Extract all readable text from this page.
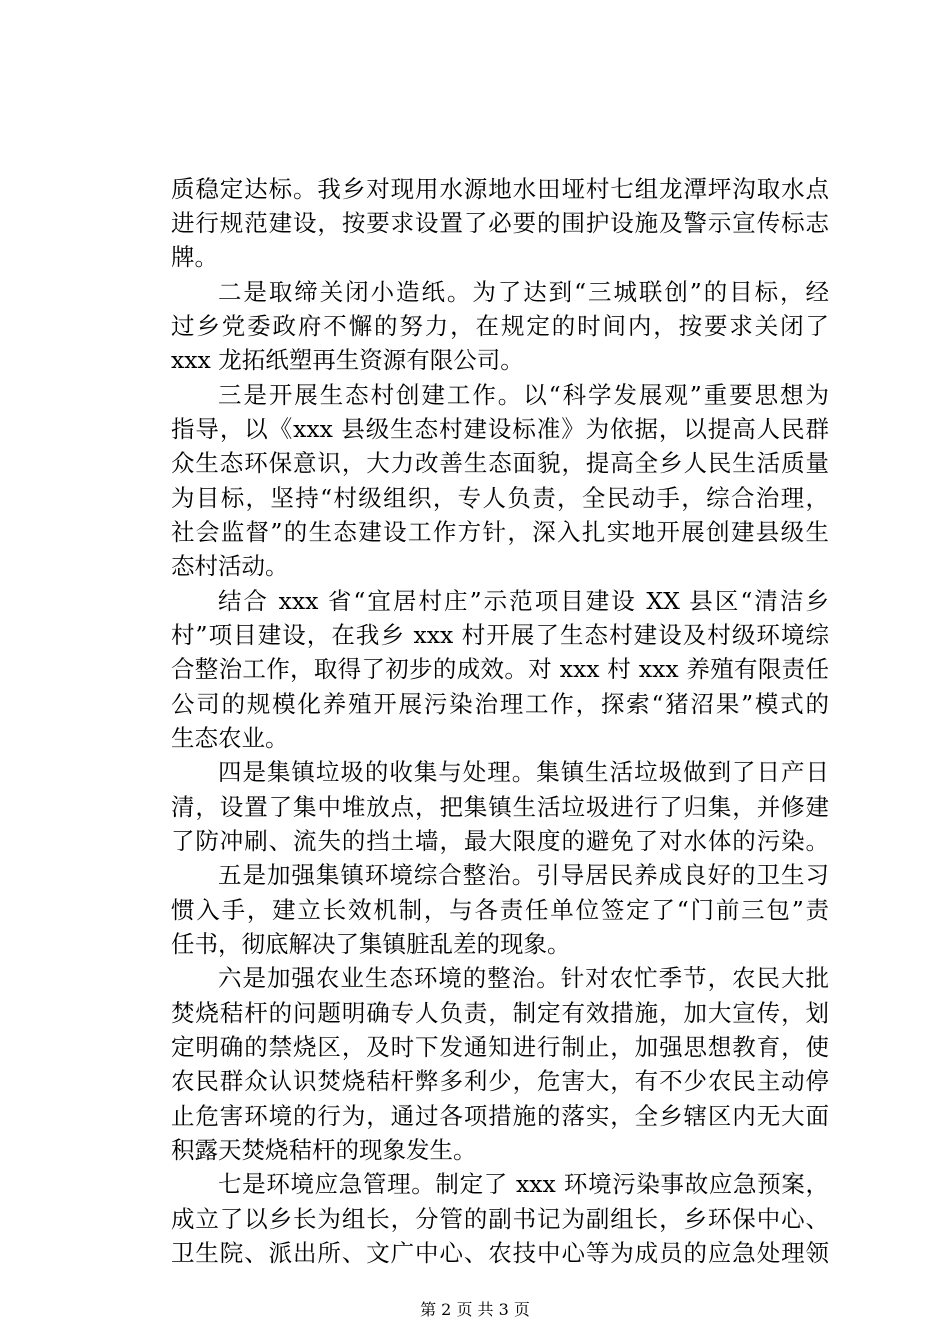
质稳定达标。我乡对现用水源地水田垭村七组龙潭坪沟取水点
进行规范建设，按要求设置了必要的围护设施及警示宣传标志
牌。
二是取缔关闭小造纸。为了达到“三城联创”的目标，经
过乡党委政府不懈的努力，在规定的时间内，按要求关闭了
xxx 龙拓纸塑再生资源有限公司。
三是开展生态村创建工作。以“科学发展观”重要思想为
指导，以《xxx 县级生态村建设标准》为依据，以提高人民群
众生态环保意识，大力改善生态面貌，提高全乡人民生活质量
为目标，坚持“村级组织，专人负责，全民动手，综合治理，
社会监督”的生态建设工作方针，深入扎实地开展创建县级生
态村活动。
结合 xxx 省“宜居村庄”示范项目建设 XX 县区“清洁乡
村”项目建设，在我乡 xxx 村开展了生态村建设及村级环境综
合整治工作，取得了初步的成效。对 xxx 村 xxx 养殖有限责任
公司的规模化养殖开展污染治理工作，探索“猪沼果”模式的
生态农业。
四是集镇垃圾的收集与处理。集镇生活垃圾做到了日产日
清，设置了集中堆放点，把集镇生活垃圾进行了归集，并修建
了防冲刷、流失的挡土墙，最大限度的避免了对水体的污染。
五是加强集镇环境综合整治。引导居民养成良好的卫生习
惯入手，建立长效机制，与各责任单位签定了“门前三包”责
任书，彻底解决了集镇脏乱差的现象。
六是加强农业生态环境的整治。针对农忙季节，农民大批
焚烧秸杆的问题明确专人负责，制定有效措施，加大宣传，划
定明确的禁烧区，及时下发通知进行制止，加强思想教育，使
农民群众认识焚烧秸杆弊多利少，危害大，有不少农民主动停
止危害环境的行为，通过各项措施的落实，全乡辖区内无大面
积露天焚烧秸杆的现象发生。
七是环境应急管理。制定了 xxx 环境污染事故应急预案，
成立了以乡长为组长，分管的副书记为副组长，乡环保中心、
卫生院、派出所、文广中心、农技中心等为成员的应急处理领
第 2 页 共 3 页
